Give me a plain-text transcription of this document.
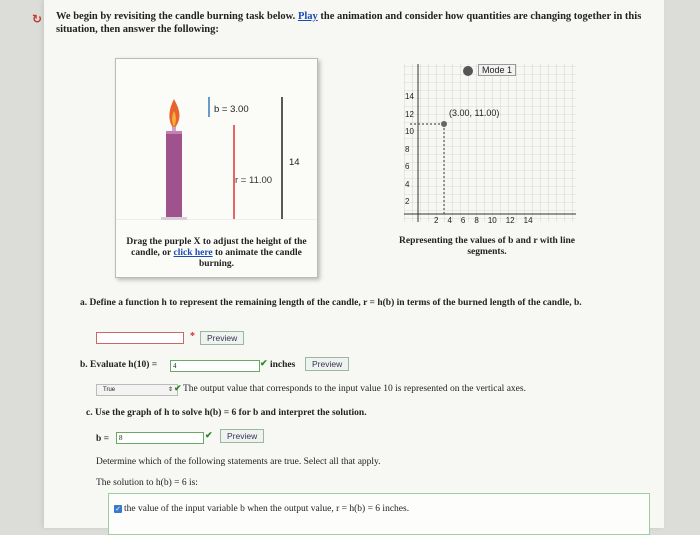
↻ We begin by revisiting the candle burning task below. Play the animation and consider how quantities are changing together in this situation, then answer the following:
b = 3.00
r = 11.00
14
Drag the purple X to adjust the height of the candle, or click here to animate the candle burning.
Mode 1
(3.00, 11.00)
14
12
10
8
6
4
2
2 4 6 8 10 12 14
Representing the values of b and r with line segments.
a. Define a function h to represent the remaining length of the candle, r = h(b) in terms of the burned length of the candle, b.
*	Preview
b. Evaluate h(10) =	4	✔ inches	Preview
True	⇕ ✔ The output value that corresponds to the input value 10 is represented on the vertical axes.
c. Use the graph of h to solve h(b) = 6 for b and interpret the solution.
b =	8	✔	Preview
Determine which of the following statements are true. Select all that apply.
The solution to h(b) = 6 is:
✓ the value of the input variable b when the output value, r = h(b) = 6 inches.
